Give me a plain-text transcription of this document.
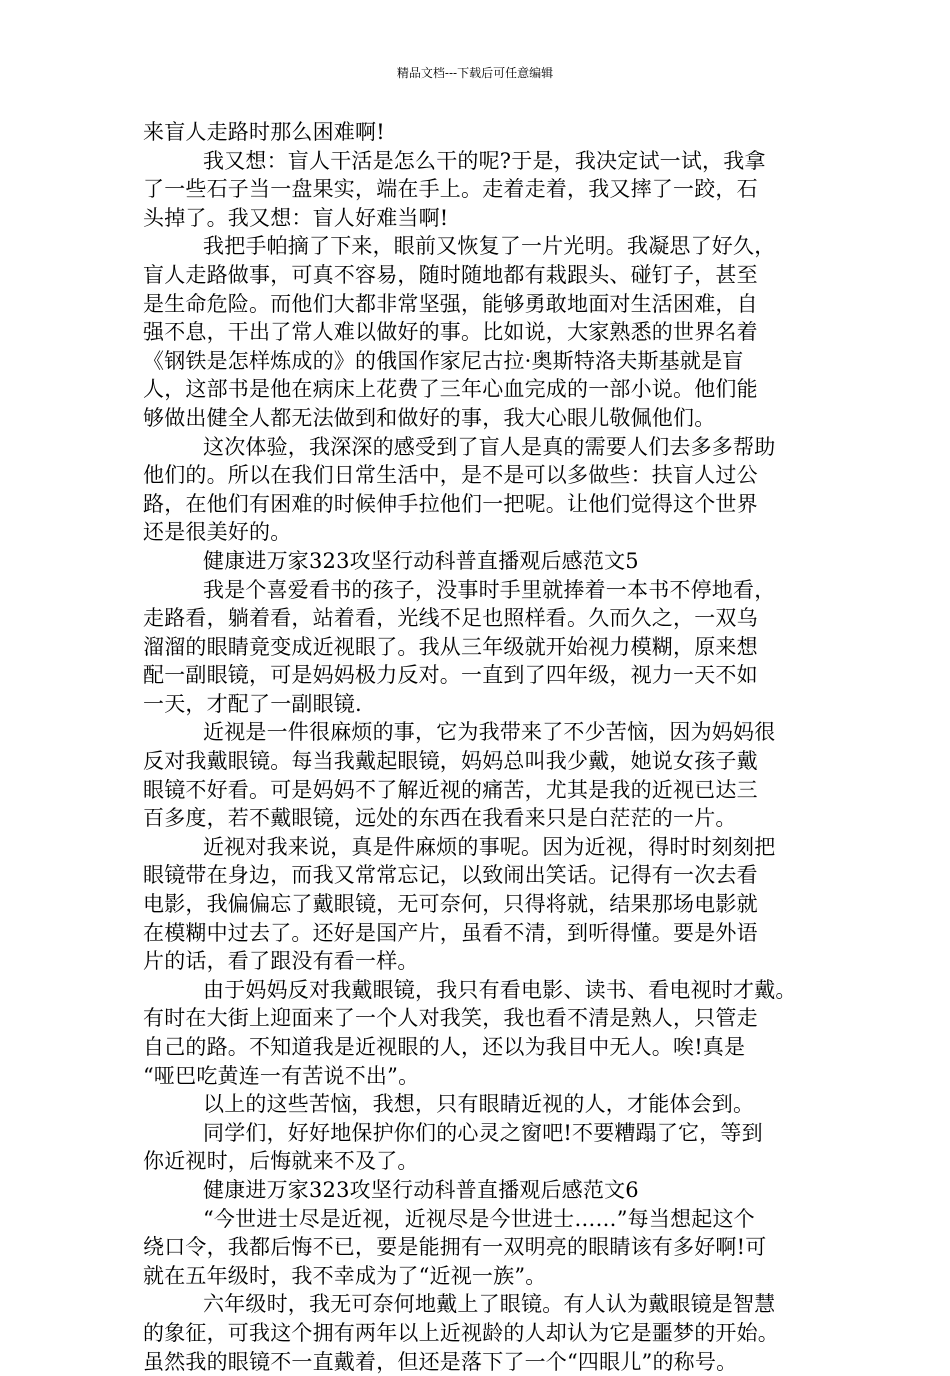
精品文档---下载后可任意编辑
来盲人走路时那么困难啊!
我又想：盲人干活是怎么干的呢?于是，我决定试一试，我拿
了一些石子当一盘果实，端在手上。走着走着，我又摔了一跤，石
头掉了。我又想：盲人好难当啊!
我把手帕摘了下来，眼前又恢复了一片光明。我凝思了好久，
盲人走路做事，可真不容易，随时随地都有栽跟头、碰钉子，甚至
是生命危险。而他们大都非常坚强，能够勇敢地面对生活困难，自
强不息，干出了常人难以做好的事。比如说，大家熟悉的世界名着
《钢铁是怎样炼成的》的俄国作家尼古拉·奥斯特洛夫斯基就是盲
人，这部书是他在病床上花费了三年心血完成的一部小说。他们能
够做出健全人都无法做到和做好的事，我大心眼儿敬佩他们。
这次体验，我深深的感受到了盲人是真的需要人们去多多帮助
他们的。所以在我们日常生活中，是不是可以多做些：扶盲人过公
路，在他们有困难的时候伸手拉他们一把呢。让他们觉得这个世界
还是很美好的。
健康进万家323攻坚行动科普直播观后感范文5
我是个喜爱看书的孩子，没事时手里就捧着一本书不停地看，
走路看，躺着看，站着看，光线不足也照样看。久而久之，一双乌
溜溜的眼睛竟变成近视眼了。我从三年级就开始视力模糊，原来想
配一副眼镜，可是妈妈极力反对。一直到了四年级，视力一天不如
一天，才配了一副眼镜.
近视是一件很麻烦的事，它为我带来了不少苦恼，因为妈妈很
反对我戴眼镜。每当我戴起眼镜，妈妈总叫我少戴，她说女孩子戴
眼镜不好看。可是妈妈不了解近视的痛苦，尤其是我的近视已达三
百多度，若不戴眼镜，远处的东西在我看来只是白茫茫的一片。
近视对我来说，真是件麻烦的事呢。因为近视，得时时刻刻把
眼镜带在身边，而我又常常忘记，以致闹出笑话。记得有一次去看
电影，我偏偏忘了戴眼镜，无可奈何，只得将就，结果那场电影就
在模糊中过去了。还好是国产片，虽看不清，到听得懂。要是外语
片的话，看了跟没有看一样。
由于妈妈反对我戴眼镜，我只有看电影、读书、看电视时才戴。
有时在大街上迎面来了一个人对我笑，我也看不清是熟人，只管走
自己的路。不知道我是近视眼的人，还以为我目中无人。唉!真是
“哑巴吃黄连一有苦说不出”。
以上的这些苦恼，我想，只有眼睛近视的人，才能体会到。
同学们，好好地保护你们的心灵之窗吧!不要糟蹋了它，等到
你近视时，后悔就来不及了。
健康进万家323攻坚行动科普直播观后感范文6
“今世进士尽是近视，近视尽是今世进士……”每当想起这个
绕口令，我都后悔不已，要是能拥有一双明亮的眼睛该有多好啊!可
就在五年级时，我不幸成为了“近视一族”。
六年级时，我无可奈何地戴上了眼镜。有人认为戴眼镜是智慧
的象征，可我这个拥有两年以上近视龄的人却认为它是噩梦的开始。
虽然我的眼镜不一直戴着，但还是落下了一个“四眼儿”的称号。
